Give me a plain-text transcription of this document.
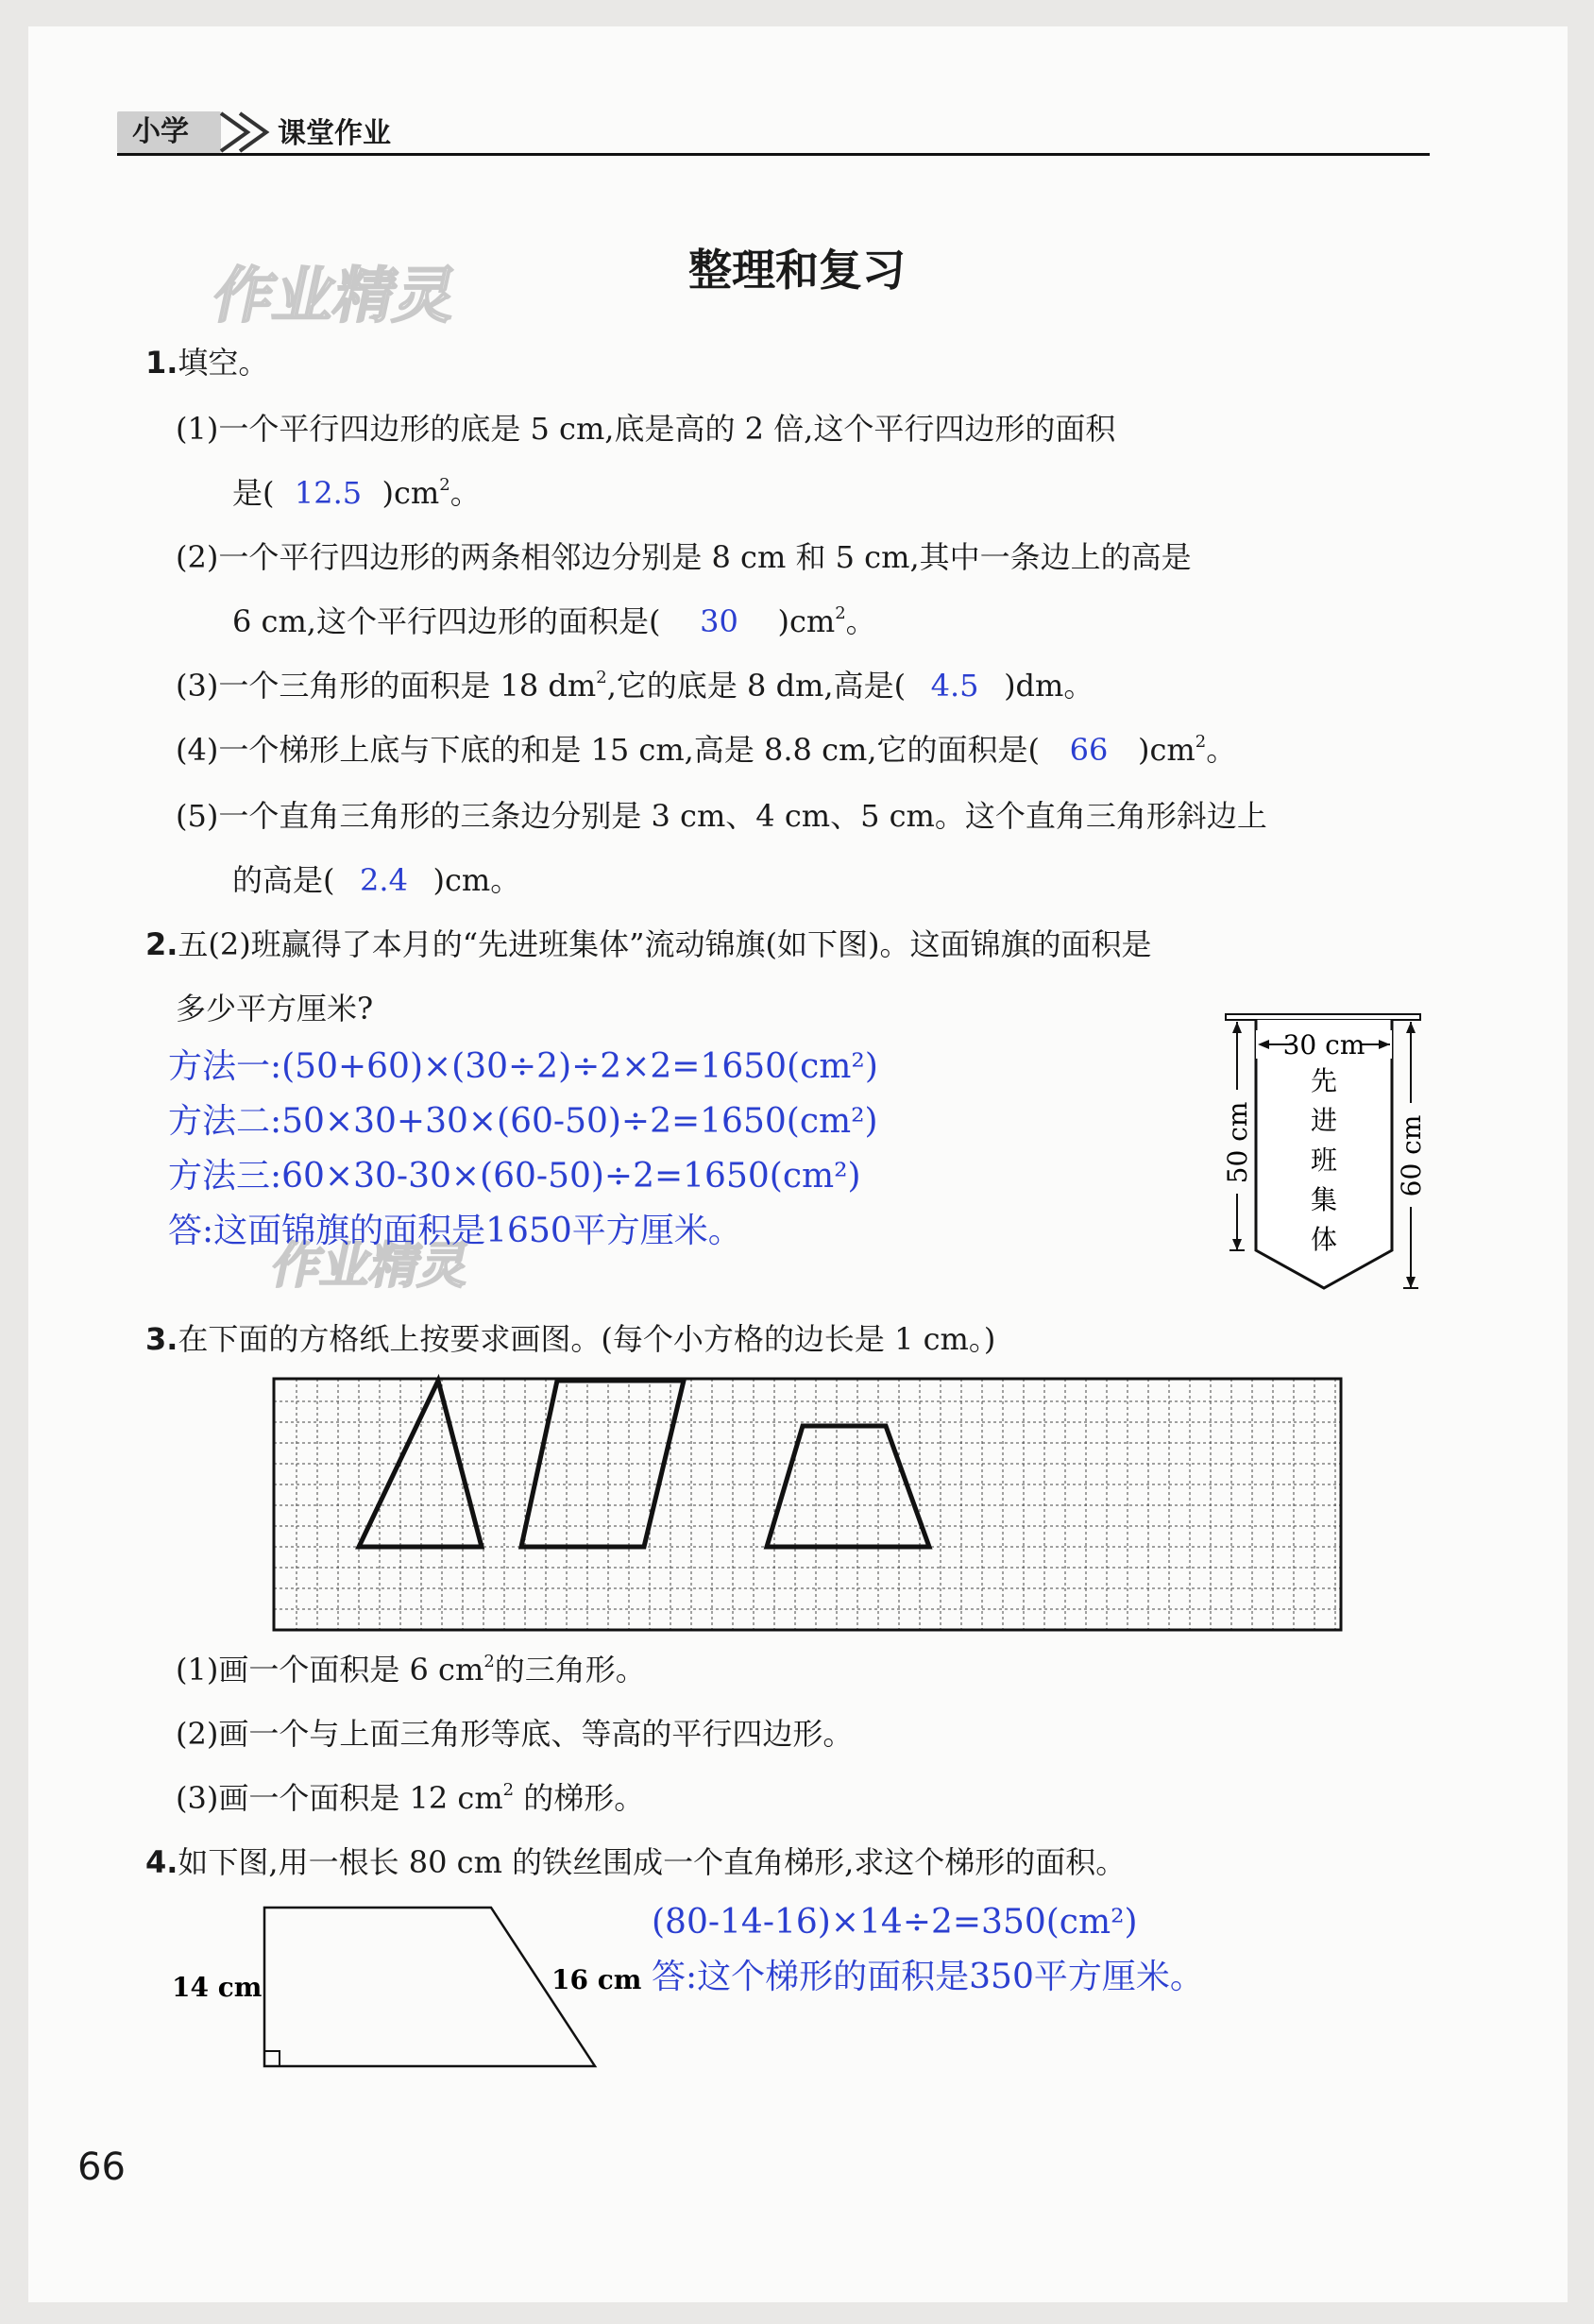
小学	课堂作业
作业精灵
作业精灵
整理和复习
1.填空。
(1)一个平行四边形的底是 5 cm,底是高的 2 倍,这个平行四边形的面积
是( 12.5 )$cm^2$。
(2)一个平行四边形的两条相邻边分别是 8 cm 和 5 cm,其中一条边上的高是
6 cm,这个平行四边形的面积是( 30 )$cm^2$。
(3)一个三角形的面积是 18 $dm^2$,它的底是 8 dm,高是( 4.5 )dm。
(4)一个梯形上底与下底的和是 15 cm,高是 8.8 cm,它的面积是( 66 )$cm^2$。
(5)一个直角三角形的三条边分别是 3 cm、4 cm、5 cm。这个直角三角形斜边上
的高是( 2.4 )cm。
2.五(2)班赢得了本月的“先进班集体”流动锦旗(如下图)。这面锦旗的面积是
多少平方厘米?
方法一:(50+60)×(30÷2)÷2×2=1650(cm²)
方法二:50×30+30×(60-50)÷2=1650(cm²)
方法三:60×30-30×(60-50)÷2=1650(cm²)
答:这面锦旗的面积是1650平方厘米。
30 cm
50 cm	60 cm
先
进
班
集
体
3.在下面的方格纸上按要求画图。(每个小方格的边长是 1 cm。)
(1)画一个面积是 6 $cm^2$的三角形。
(2)画一个与上面三角形等底、等高的平行四边形。
(3)画一个面积是 12 $cm^2$ 的梯形。
4.如下图,用一根长 80 cm 的铁丝围成一个直角梯形,求这个梯形的面积。
14 cm	16 cm
(80-14-16)×14÷2=350(cm²)
答:这个梯形的面积是350平方厘米。
66
